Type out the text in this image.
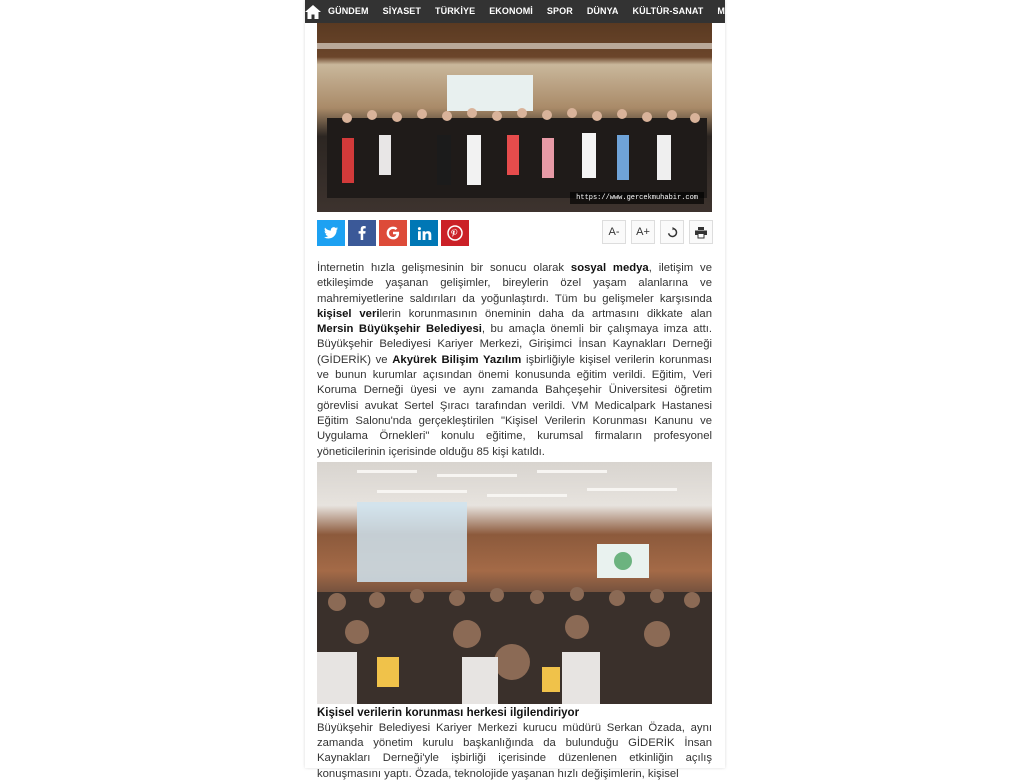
GÜNDEM	SİYASET	TÜRKİYE	EKONOMİ	SPOR	DÜNYA	KÜLTÜR-SANAT	MA
https://www.gercekmuhabir.com
A-	A+

İnternetin hızla gelişmesinin bir sonucu olarak sosyal medya, iletişim ve etkileşimde yaşanan gelişimler, bireylerin özel yaşam alanlarına ve mahremiyetlerine saldırıları da yoğunlaştırdı. Tüm bu gelişmeler karşısında kişisel verilerin korunmasının öneminin daha da artmasını dikkate alan Mersin Büyükşehir Belediyesi, bu amaçla önemli bir çalışmaya imza attı. Büyükşehir Belediyesi Kariyer Merkezi, Girişimci İnsan Kaynakları Derneği (GİDERİK) ve Akyürek Bilişim Yazılım işbirliğiyle kişisel verilerin korunması ve bunun kurumlar açısından önemi konusunda eğitim verildi. Eğitim, Veri Koruma Derneği üyesi ve aynı zamanda Bahçeşehir Üniversitesi öğretim görevlisi avukat Sertel Şıracı tarafından verildi. VM Medicalpark Hastanesi Eğitim Salonu'nda gerçekleştirilen "Kişisel Verilerin Korunması Kanunu ve Uygulama Örnekleri" konulu eğitime, kurumsal firmaların profesyonel yöneticilerinin içerisinde olduğu 85 kişi katıldı.

Kişisel verilerin korunması herkesi ilgilendiriyor

Büyükşehir Belediyesi Kariyer Merkezi kurucu müdürü Serkan Özada, aynı zamanda yönetim kurulu başkanlığında da bulunduğu GİDERİK İnsan Kaynakları Derneği'yle işbirliği içerisinde düzenlenen etkinliğin açılış konuşmasını yaptı. Özada, teknolojide yaşanan hızlı değişimlerin, kişisel
